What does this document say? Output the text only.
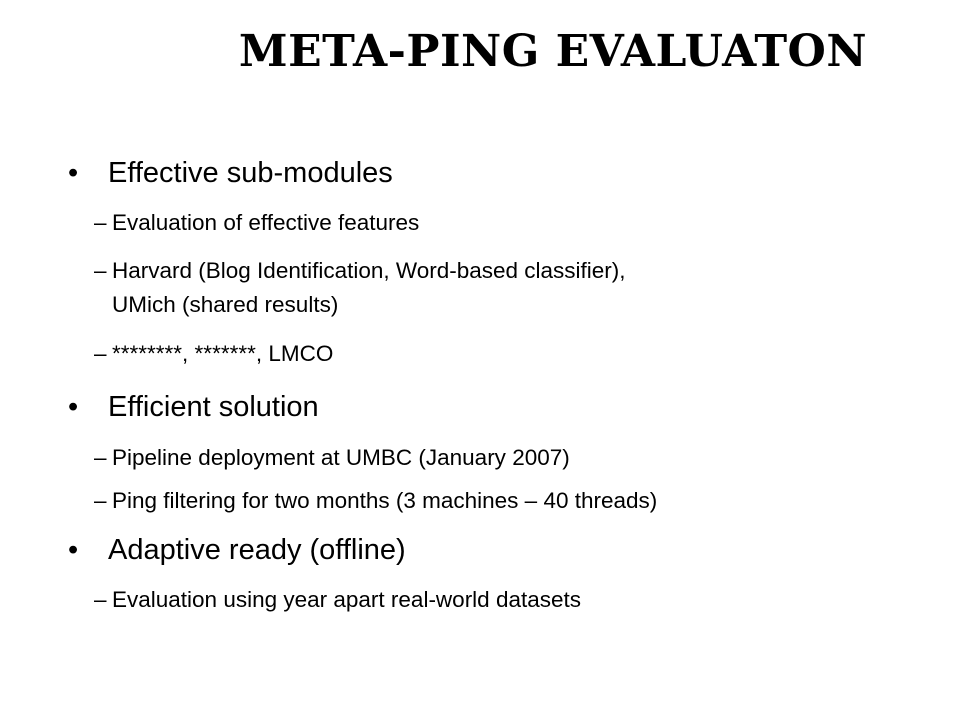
META-PING EVALUATON
• Effective sub-modules
– Evaluation of effective features
– Harvard (Blog Identification, Word-based classifier),
UMich (shared results)
– ********, *******, LMCO
• Efficient solution
– Pipeline deployment at UMBC (January 2007)
– Ping filtering for two months (3 machines – 40 threads)
• Adaptive ready (offline)
– Evaluation using year apart real-world datasets
